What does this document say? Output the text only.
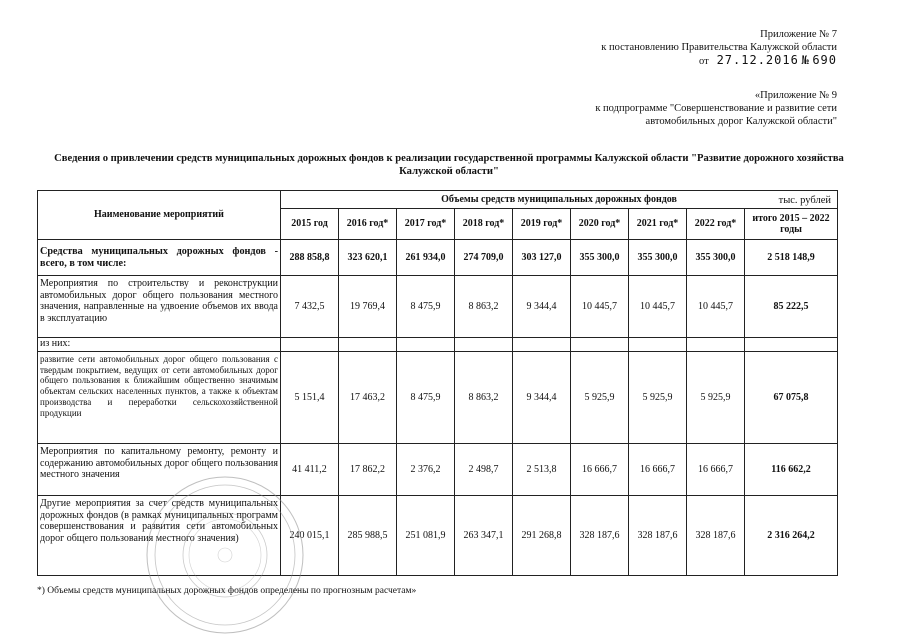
Приложение № 7
к постановлению Правительства Калужской области
от 27.12.2016 № 690
«Приложение № 9
к подпрограмме "Совершенствование и развитие сети
автомобильных дорог Калужской области"
Сведения о привлечении средств муниципальных дорожных фондов к реализации государственной программы Калужской области "Развитие дорожного хозяйства Калужской области"
Наименование мероприятий	Объемы средств муниципальных дорожных фондов								
	2015 год	2016 год*	2017 год*	2018 год*	2019 год*	2020 год*	2021 год*	2022 год*	итого 2015 – 2022 годы
Средства муниципальных дорожных фондов - всего, в том числе:	288 858,8	323 620,1	261 934,0	274 709,0	303 127,0	355 300,0	355 300,0	355 300,0	2 518 148,9
Мероприятия по строительству и реконструкции автомобильных дорог общего пользования местного значения, направленные на удвоение объемов их ввода в эксплуатацию	7 432,5	19 769,4	8 475,9	8 863,2	9 344,4	10 445,7	10 445,7	10 445,7	85 222,5
из них:									
развитие сети автомобильных дорог общего пользования с твердым покрытием, ведущих от сети автомобильных дорог общего пользования к ближайшим общественно значимым объектам сельских населенных пунктов, а также к объектам производства и переработки сельскохозяйственной продукции	5 151,4	17 463,2	8 475,9	8 863,2	9 344,4	5 925,9	5 925,9	5 925,9	67 075,8
Мероприятия по капитальному ремонту, ремонту и содержанию автомобильных дорог общего пользования местного значения	41 411,2	17 862,2	2 376,2	2 498,7	2 513,8	16 666,7	16 666,7	16 666,7	116 662,2
Другие мероприятия за счет средств муниципальных дорожных фондов (в рамках муниципальных программ совершенствования и развития сети автомобильных дорог общего пользования местного значения)	240 015,1	285 988,5	251 081,9	263 347,1	291 268,8	328 187,6	328 187,6	328 187,6	2 316 264,2
тыс. рублей
*) Объемы средств муниципальных дорожных фондов определены по прогнозным расчетам»
